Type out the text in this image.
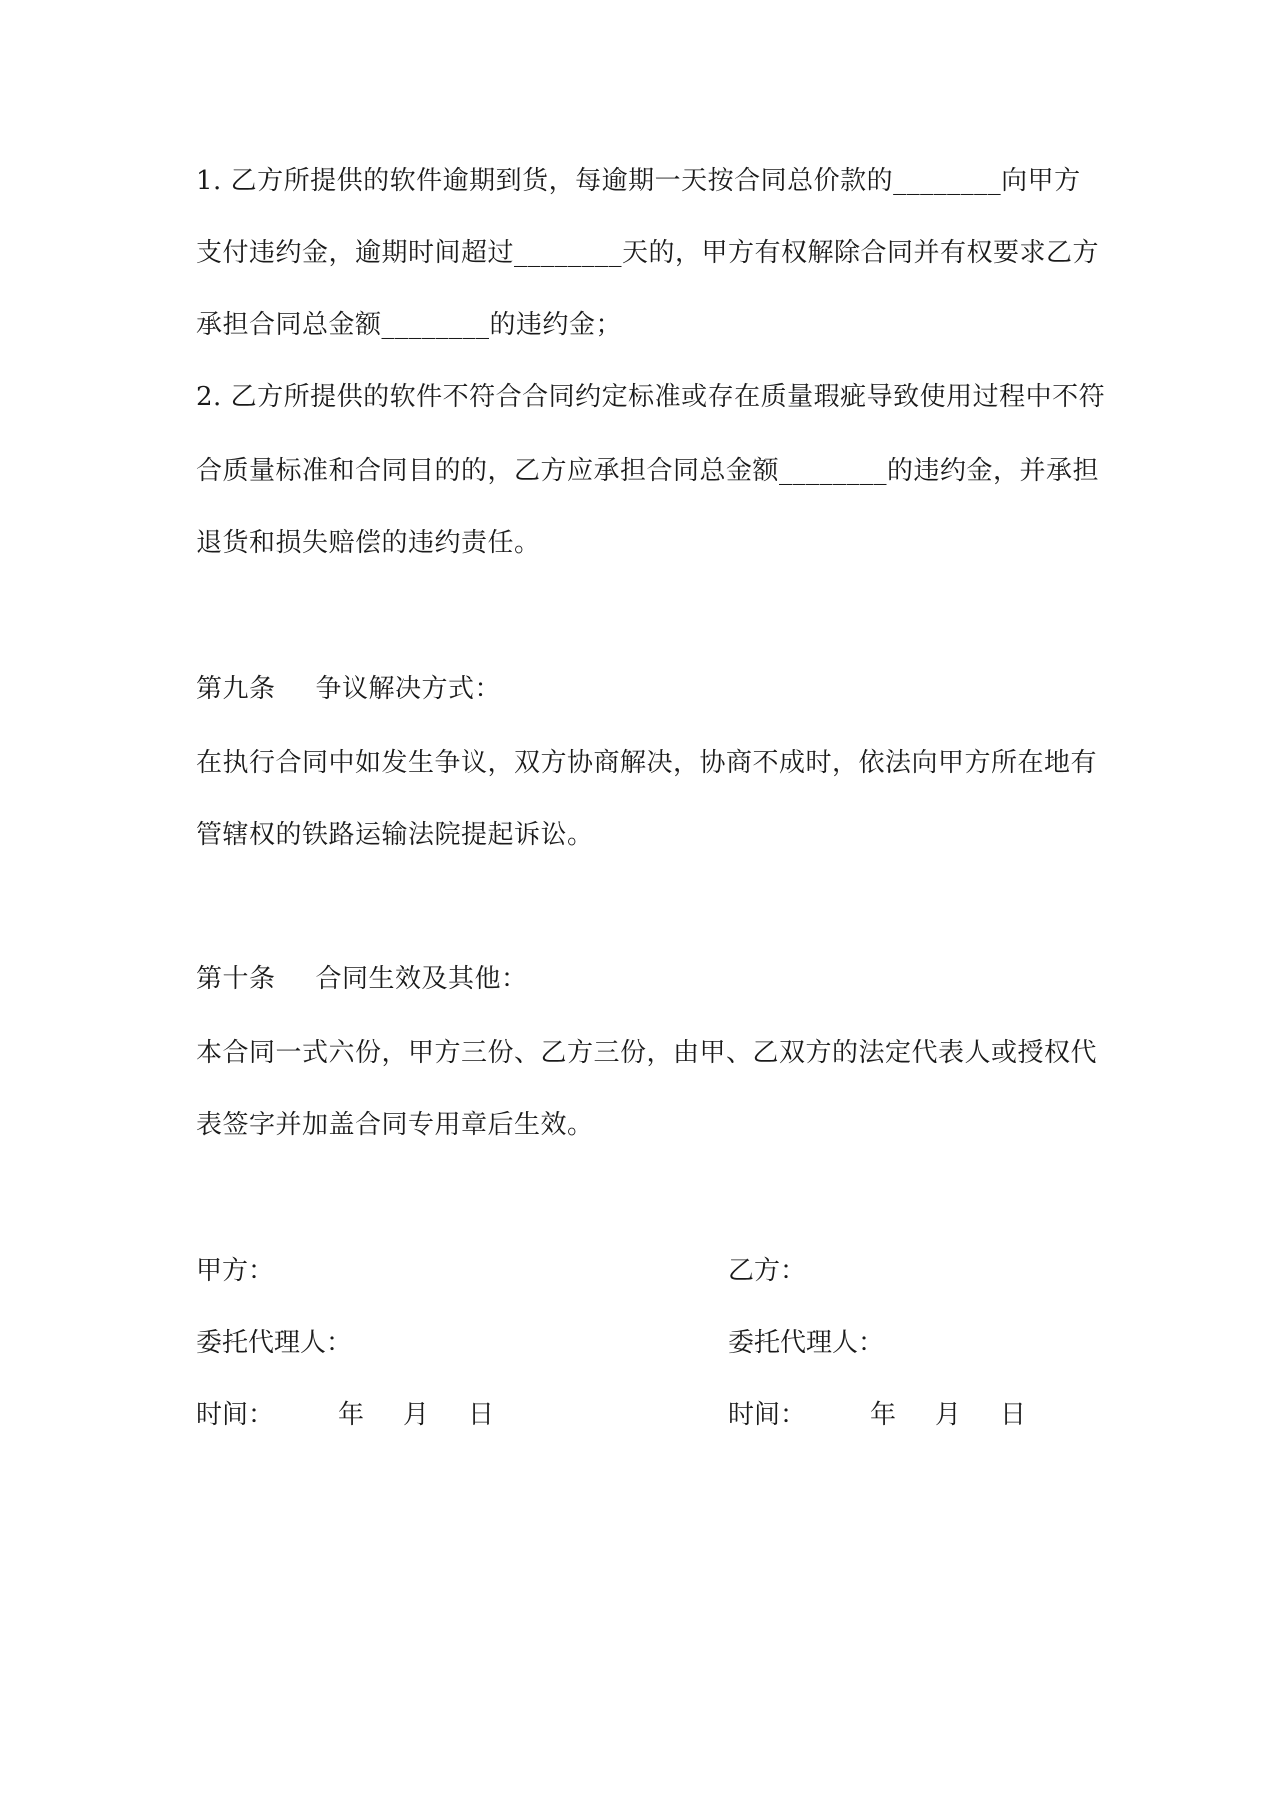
1. 乙方所提供的软件逾期到货，每逾期一天按合同总价款的________向甲方
支付违约金，逾期时间超过________天的，甲方有权解除合同并有权要求乙方
承担合同总金额________的违约金；
2. 乙方所提供的软件不符合合同约定标准或存在质量瑕疵导致使用过程中不符
合质量标准和合同目的的，乙方应承担合同总金额________的违约金，并承担
退货和损失赔偿的违约责任。
第九条 争议解决方式：
在执行合同中如发生争议，双方协商解决，协商不成时，依法向甲方所在地有
管辖权的铁路运输法院提起诉讼。
第十条 合同生效及其他：
本合同一式六份，甲方三份、乙方三份，由甲、乙双方的法定代表人或授权代
表签字并加盖合同专用章后生效。
甲方：
委托代理人：
时间： 年 月 日
乙方：
委托代理人：
时间： 年 月 日
